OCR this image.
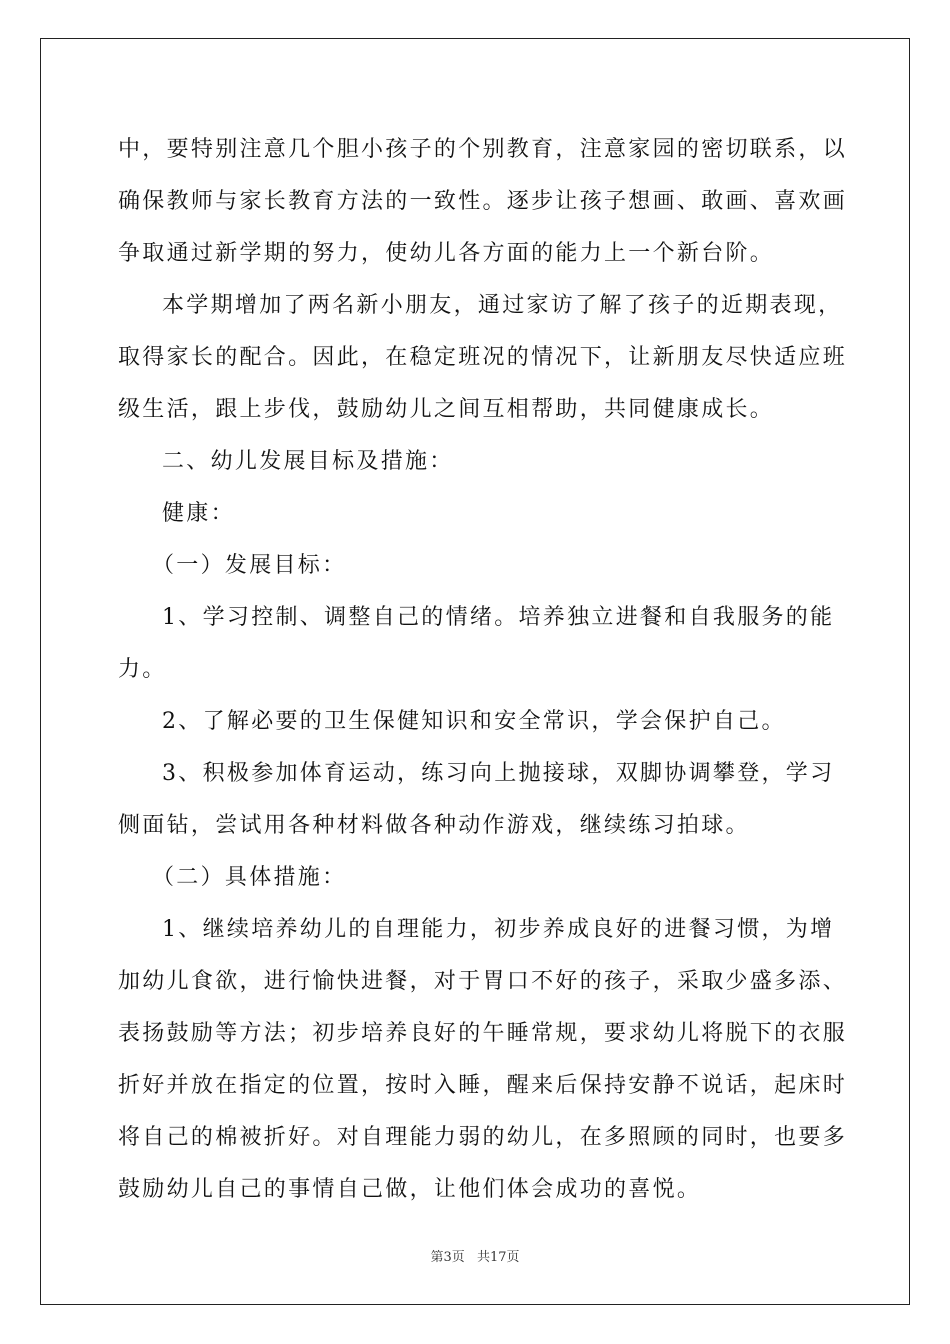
中，要特别注意几个胆小孩子的个别教育，注意家园的密切联系，以
确保教师与家长教育方法的一致性。逐步让孩子想画、敢画、喜欢画
争取通过新学期的努力，使幼儿各方面的能力上一个新台阶。
本学期增加了两名新小朋友，通过家访了解了孩子的近期表现，
取得家长的配合。因此，在稳定班况的情况下，让新朋友尽快适应班
级生活，跟上步伐，鼓励幼儿之间互相帮助，共同健康成长。
二、幼儿发展目标及措施：
健康：
（一）发展目标：
1、学习控制、调整自己的情绪。培养独立进餐和自我服务的能
力。
2、了解必要的卫生保健知识和安全常识，学会保护自己。
3、积极参加体育运动，练习向上抛接球，双脚协调攀登，学习
侧面钻，尝试用各种材料做各种动作游戏，继续练习拍球。
（二）具体措施：
1、继续培养幼儿的自理能力，初步养成良好的进餐习惯，为增
加幼儿食欲，进行愉快进餐，对于胃口不好的孩子，采取少盛多添、
表扬鼓励等方法；初步培养良好的午睡常规，要求幼儿将脱下的衣服
折好并放在指定的位置，按时入睡，醒来后保持安静不说话，起床时
将自己的棉被折好。对自理能力弱的幼儿，在多照顾的同时，也要多
鼓励幼儿自己的事情自己做，让他们体会成功的喜悦。
第3页 共17页
